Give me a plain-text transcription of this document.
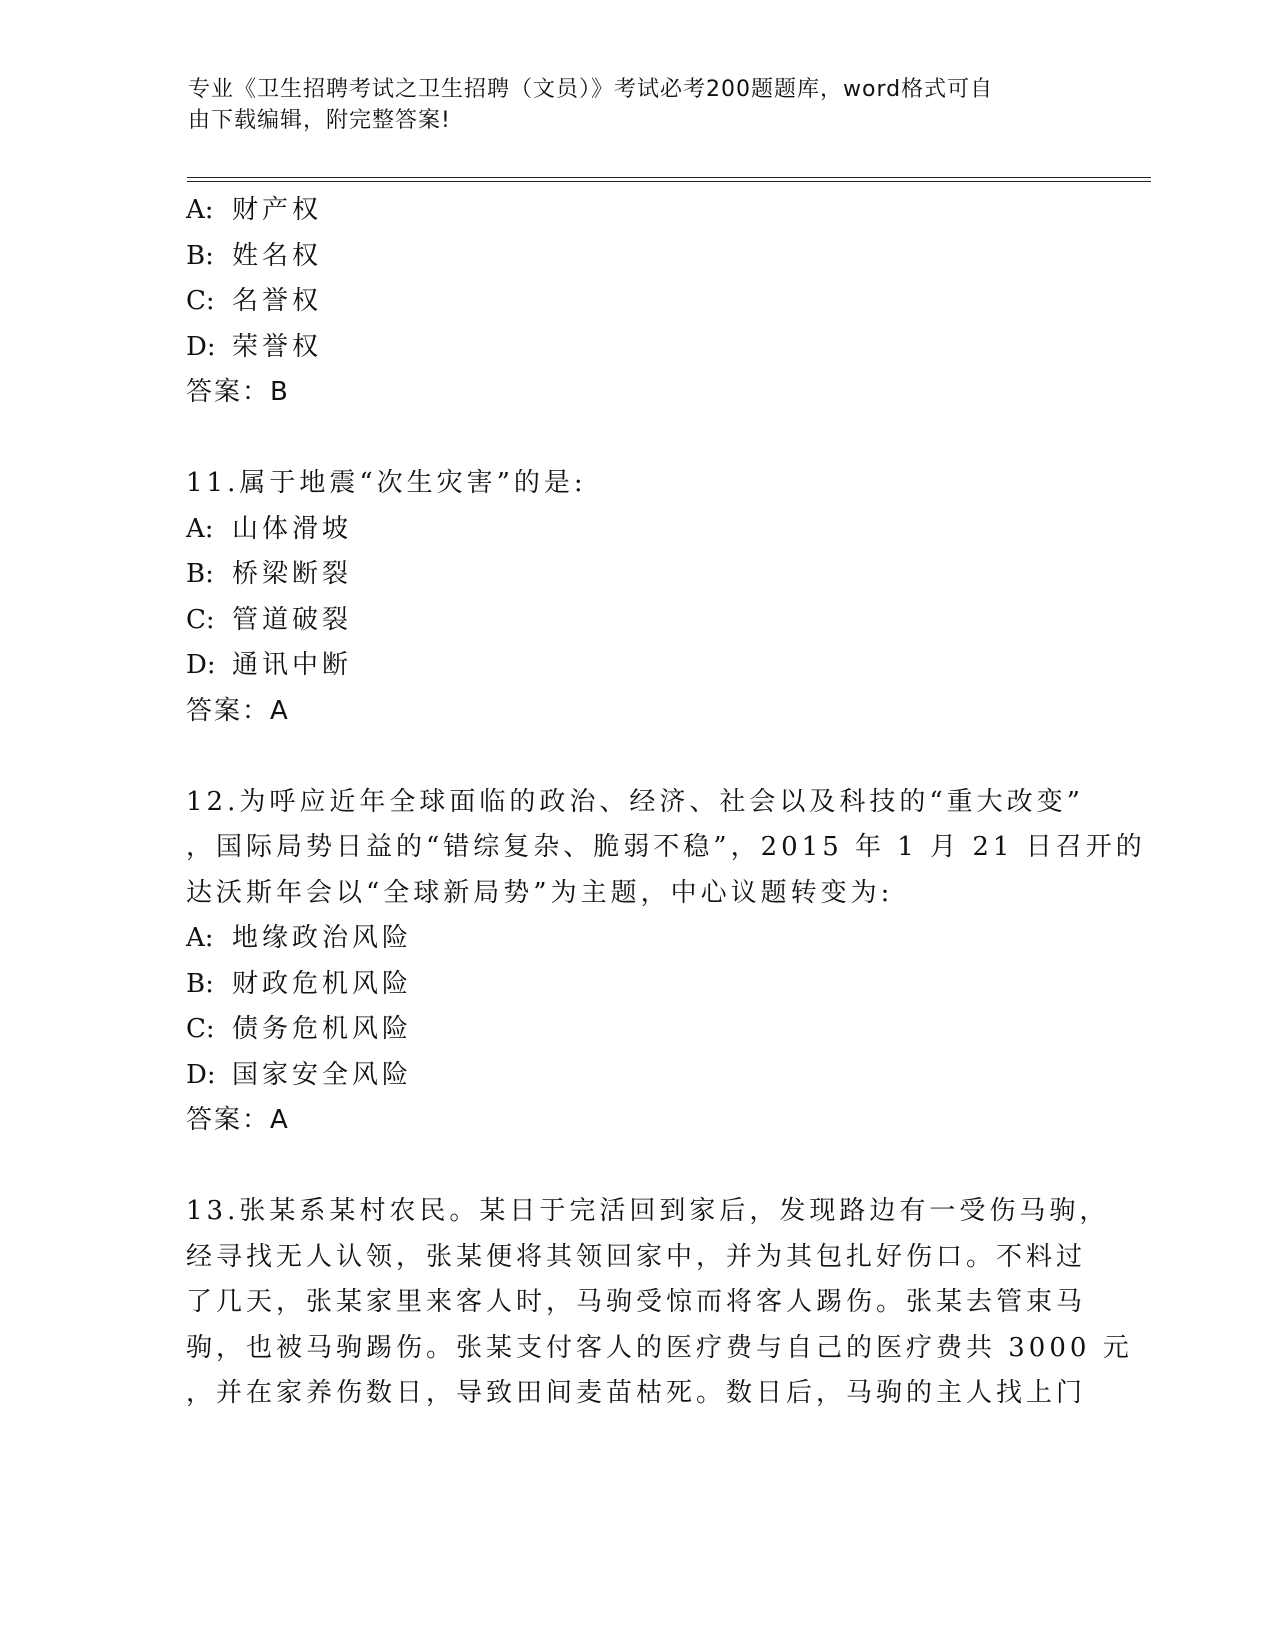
专业《卫生招聘考试之卫生招聘（文员）》考试必考200题题库，word格式可自
由下载编辑，附完整答案!
A: 财产权
B: 姓名权
C: 名誉权
D: 荣誉权
答案：B
11.属于地震“次生灾害”的是:
A: 山体滑坡
B: 桥梁断裂
C: 管道破裂
D: 通讯中断
答案：A
12.为呼应近年全球面临的政治、经济、社会以及科技的“重大改变”
，国际局势日益的“错综复杂、脆弱不稳”，2015 年 1 月 21 日召开的
达沃斯年会以“全球新局势”为主题，中心议题转变为:
A: 地缘政治风险
B: 财政危机风险
C: 债务危机风险
D: 国家安全风险
答案：A
13.张某系某村农民。某日于完活回到家后，发现路边有一受伤马驹，
经寻找无人认领，张某便将其领回家中，并为其包扎好伤口。不料过
了几天，张某家里来客人时，马驹受惊而将客人踢伤。张某去管束马
驹，也被马驹踢伤。张某支付客人的医疗费与自己的医疗费共 3000 元
，并在家养伤数日，导致田间麦苗枯死。数日后，马驹的主人找上门
